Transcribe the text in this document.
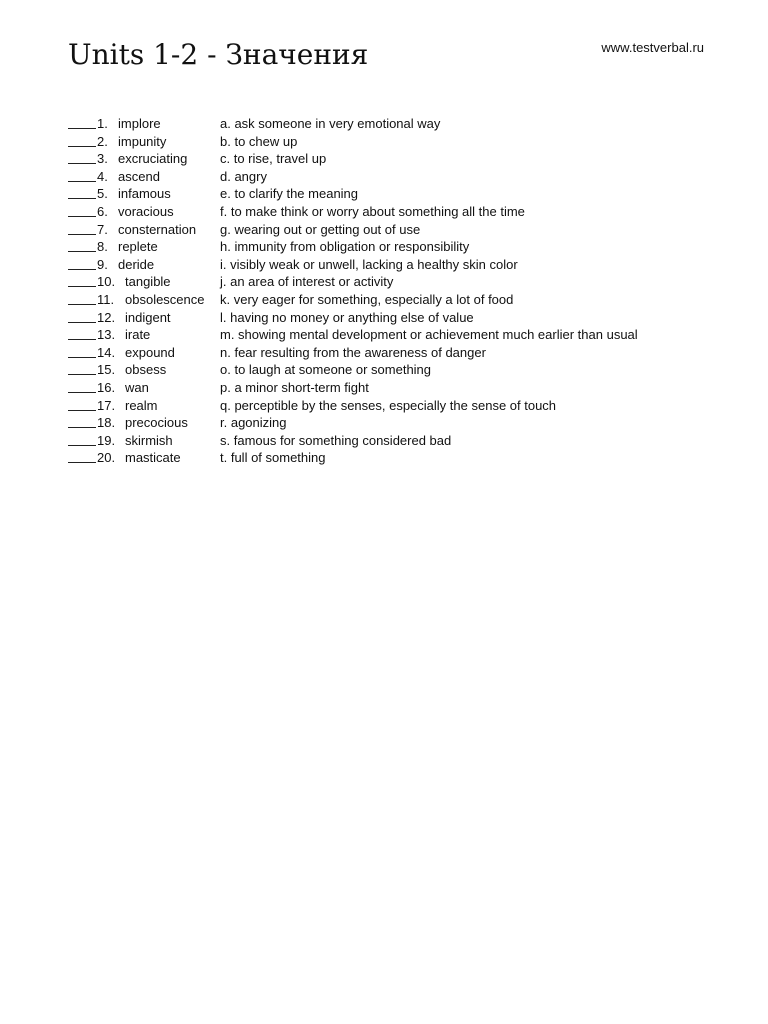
Units 1-2 - Значения	www.testverbal.ru
1. implore	a. ask someone in very emotional way
2. impunity	b. to chew up
3. excruciating	c. to rise, travel up
4. ascend	d. angry
5. infamous	e. to clarify the meaning
6. voracious	f. to make think or worry about something all the time
7. consternation g. wearing out or getting out of use
8. replete	h. immunity from obligation or responsibility
9. deride	i. visibly weak or unwell, lacking a healthy skin color
10. tangible	j. an area of interest or activity
11. obsolescence k. very eager for something, especially a lot of food
12. indigent	l. having no money or anything else of value
13. irate	m. showing mental development or achievement much earlier than usual
14. expound	n. fear resulting from the awareness of danger
15. obsess	o. to laugh at someone or something
16. wan	p. a minor short-term fight
17. realm	q. perceptible by the senses, especially the sense of touch
18. precocious r. agonizing
19. skirmish	s. famous for something considered bad
20. masticate	t. full of something
